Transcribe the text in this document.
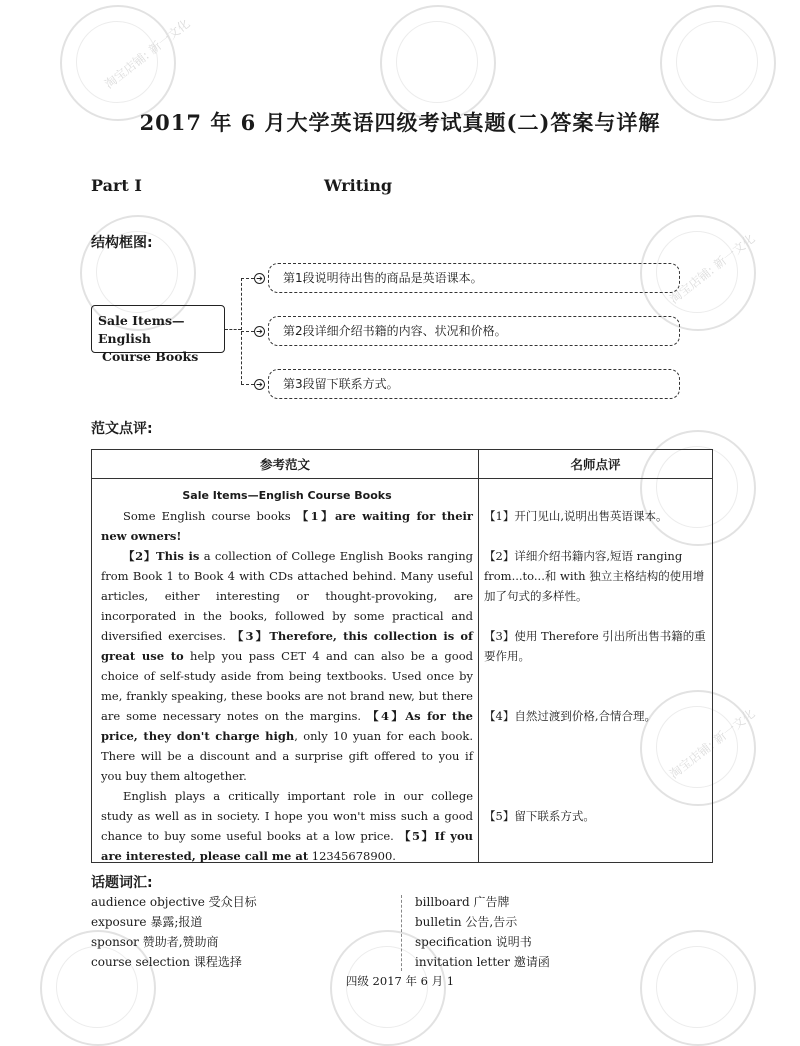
淘宝店铺: 新一文化
淘宝店铺: 新一文化
淘宝店铺: 新一文化
2017 年 6 月大学英语四级考试真题(二)答案与详解
Part Ⅰ	Writing
结构框图:
Sale Items—English
Course Books
➔
➔
➔
第1段说明待出售的商品是英语课本。
第2段详细介绍书籍的内容、状况和价格。
第3段留下联系方式。
范文点评:
参考范文	名师点评
Sale Items—English Course Books

Some English course books 【1】are waiting for their new owners!

【2】This is a collection of College English Books ranging from Book 1 to Book 4 with CDs attached behind. Many useful articles, either interesting or thought-provoking, are incorporated in the books, followed by some practical and diversified exercises. 【3】Therefore, this collection is of great use to help you pass CET 4 and can also be a good choice of self-study aside from being textbooks. Used once by me, frankly speaking, these books are not brand new, but there are some necessary notes on the margins. 【4】As for the price, they don't charge high, only 10 yuan for each book. There will be a discount and a surprise gift offered to you if you buy them altogether.

English plays a critically important role in our college study as well as in society. I hope you won't miss such a good chance to buy some useful books at a low price. 【5】If you are interested, please call me at 12345678900.

【1】开门见山,说明出售英语课本。
【2】详细介绍书籍内容,短语 ranging from...to...和 with 独立主格结构的使用增加了句式的多样性。
【3】使用 Therefore 引出所出售书籍的重要作用。
【4】自然过渡到价格,合情合理。
【5】留下联系方式。
话题词汇:
audience objective 受众目标
exposure 暴露;报道
sponsor 赞助者,赞助商
course selection 课程选择
billboard 广告牌
bulletin 公告,告示
specification 说明书
invitation letter 邀请函
四级 2017 年 6 月 1
